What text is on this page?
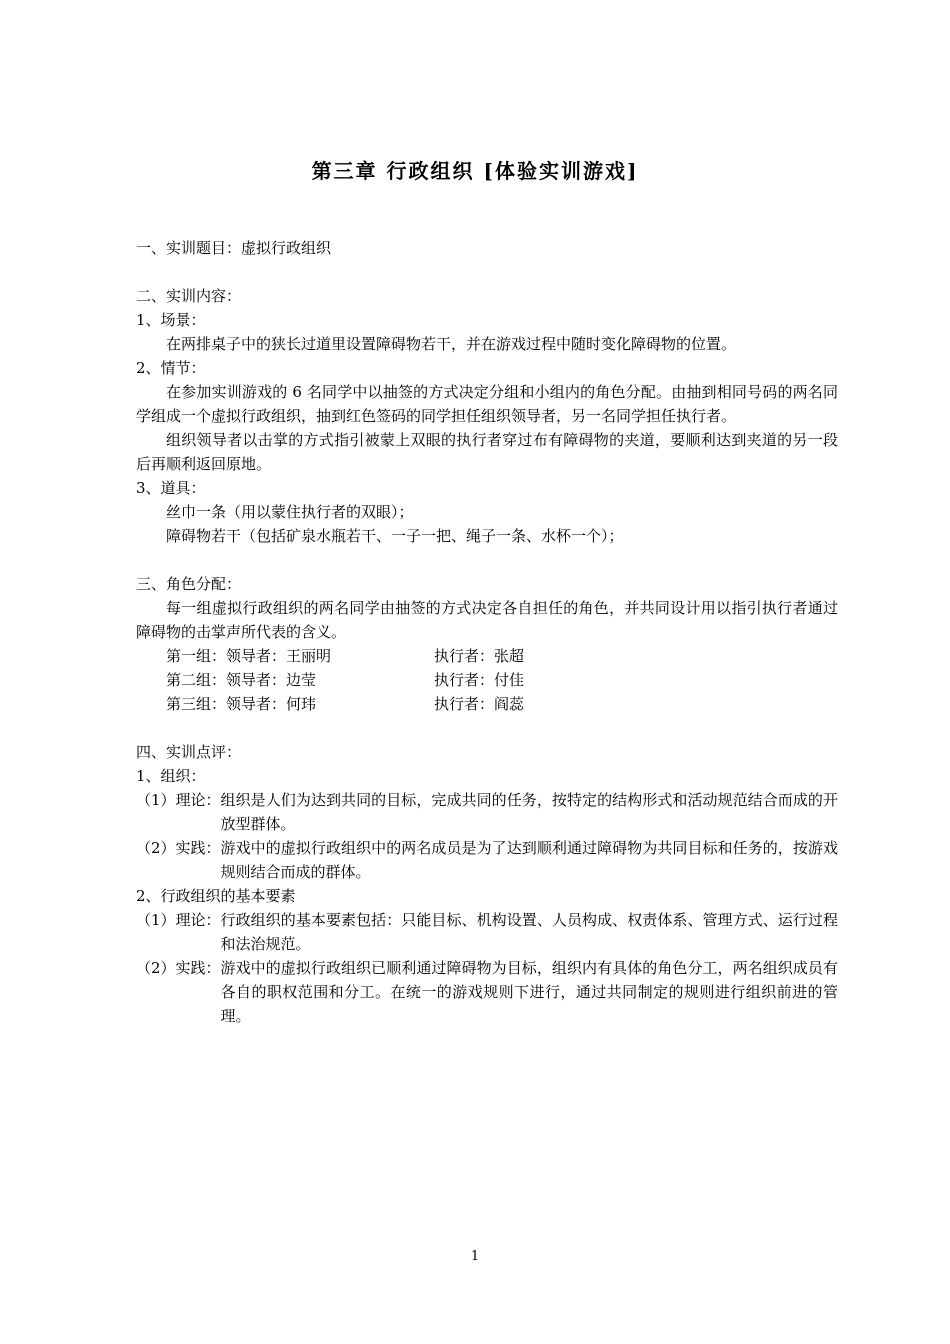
第三章 行政组织 [体验实训游戏]

一、实训题目：虚拟行政组织

二、实训内容：

1、场景：

在两排桌子中的狭长过道里设置障碍物若干，并在游戏过程中随时变化障碍物的位置。

2、情节：

在参加实训游戏的 6 名同学中以抽签的方式决定分组和小组内的角色分配。由抽到相同号码的两名同学组成一个虚拟行政组织，抽到红色签码的同学担任组织领导者，另一名同学担任执行者。

组织领导者以击掌的方式指引被蒙上双眼的执行者穿过布有障碍物的夹道，要顺利达到夹道的另一段后再顺利返回原地。

3、道具：

丝巾一条（用以蒙住执行者的双眼）；

障碍物若干（包括矿泉水瓶若干、一子一把、绳子一条、水杯一个）；

三、角色分配：

每一组虚拟行政组织的两名同学由抽签的方式决定各自担任的角色，并共同设计用以指引执行者通过障碍物的击掌声所代表的含义。

第一组：领导者：王丽明	执行者：张超
第二组：领导者：边莹	执行者：付佳
第三组：领导者：何玮	执行者：阎蕊

四、实训点评：

1、组织：

（1）理论： 组织是人们为达到共同的目标，完成共同的任务，按特定的结构形式和活动规范结合而成的开放型群体。
（2）实践： 游戏中的虚拟行政组织中的两名成员是为了达到顺利通过障碍物为共同目标和任务的，按游戏规则结合而成的群体。

2、行政组织的基本要素

（1）理论： 行政组织的基本要素包括：只能目标、机构设置、人员构成、权责体系、管理方式、运行过程和法治规范。
（2）实践： 游戏中的虚拟行政组织已顺利通过障碍物为目标，组织内有具体的角色分工，两名组织成员有各自的职权范围和分工。在统一的游戏规则下进行，通过共同制定的规则进行组织前进的管理。
1
